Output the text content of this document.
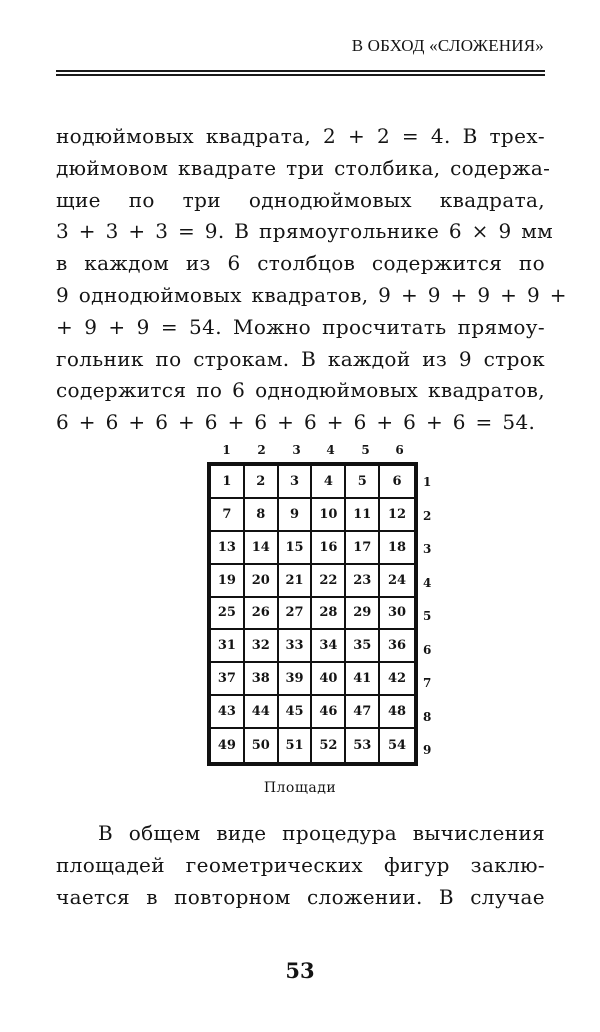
В ОБХОД «СЛОЖЕНИЯ»
нодюймовых квадрата, 2 + 2 = 4. В трех-
дюймовом квадрате три столбика, содержа-
щие по три однодюймовых квадрата,
3 + 3 + 3 = 9. В прямоугольнике 6 × 9 мм
в каждом из 6 столбцов содержится по
9 однодюймовых квадратов, 9 + 9 + 9 + 9 +
+ 9 + 9 = 54. Можно просчитать прямоу-
гольник по строкам. В каждой из 9 строк
содержится по 6 однодюймовых квадратов,
6 + 6 + 6 + 6 + 6 + 6 + 6 + 6 + 6 = 54.
1	2	3	4	5	6
1	2	3	4	5	6
7	8	9	10	11	12
13	14	15	16	17	18
19	20	21	22	23	24
25	26	27	28	29	30
31	32	33	34	35	36
37	38	39	40	41	42
43	44	45	46	47	48
49	50	51	52	53	54
1
2
3
4
5
6
7
8
9
Площади
В общем виде процедура вычисления
площадей геометрических фигур заклю-
чается в повторном сложении. В случае
53
